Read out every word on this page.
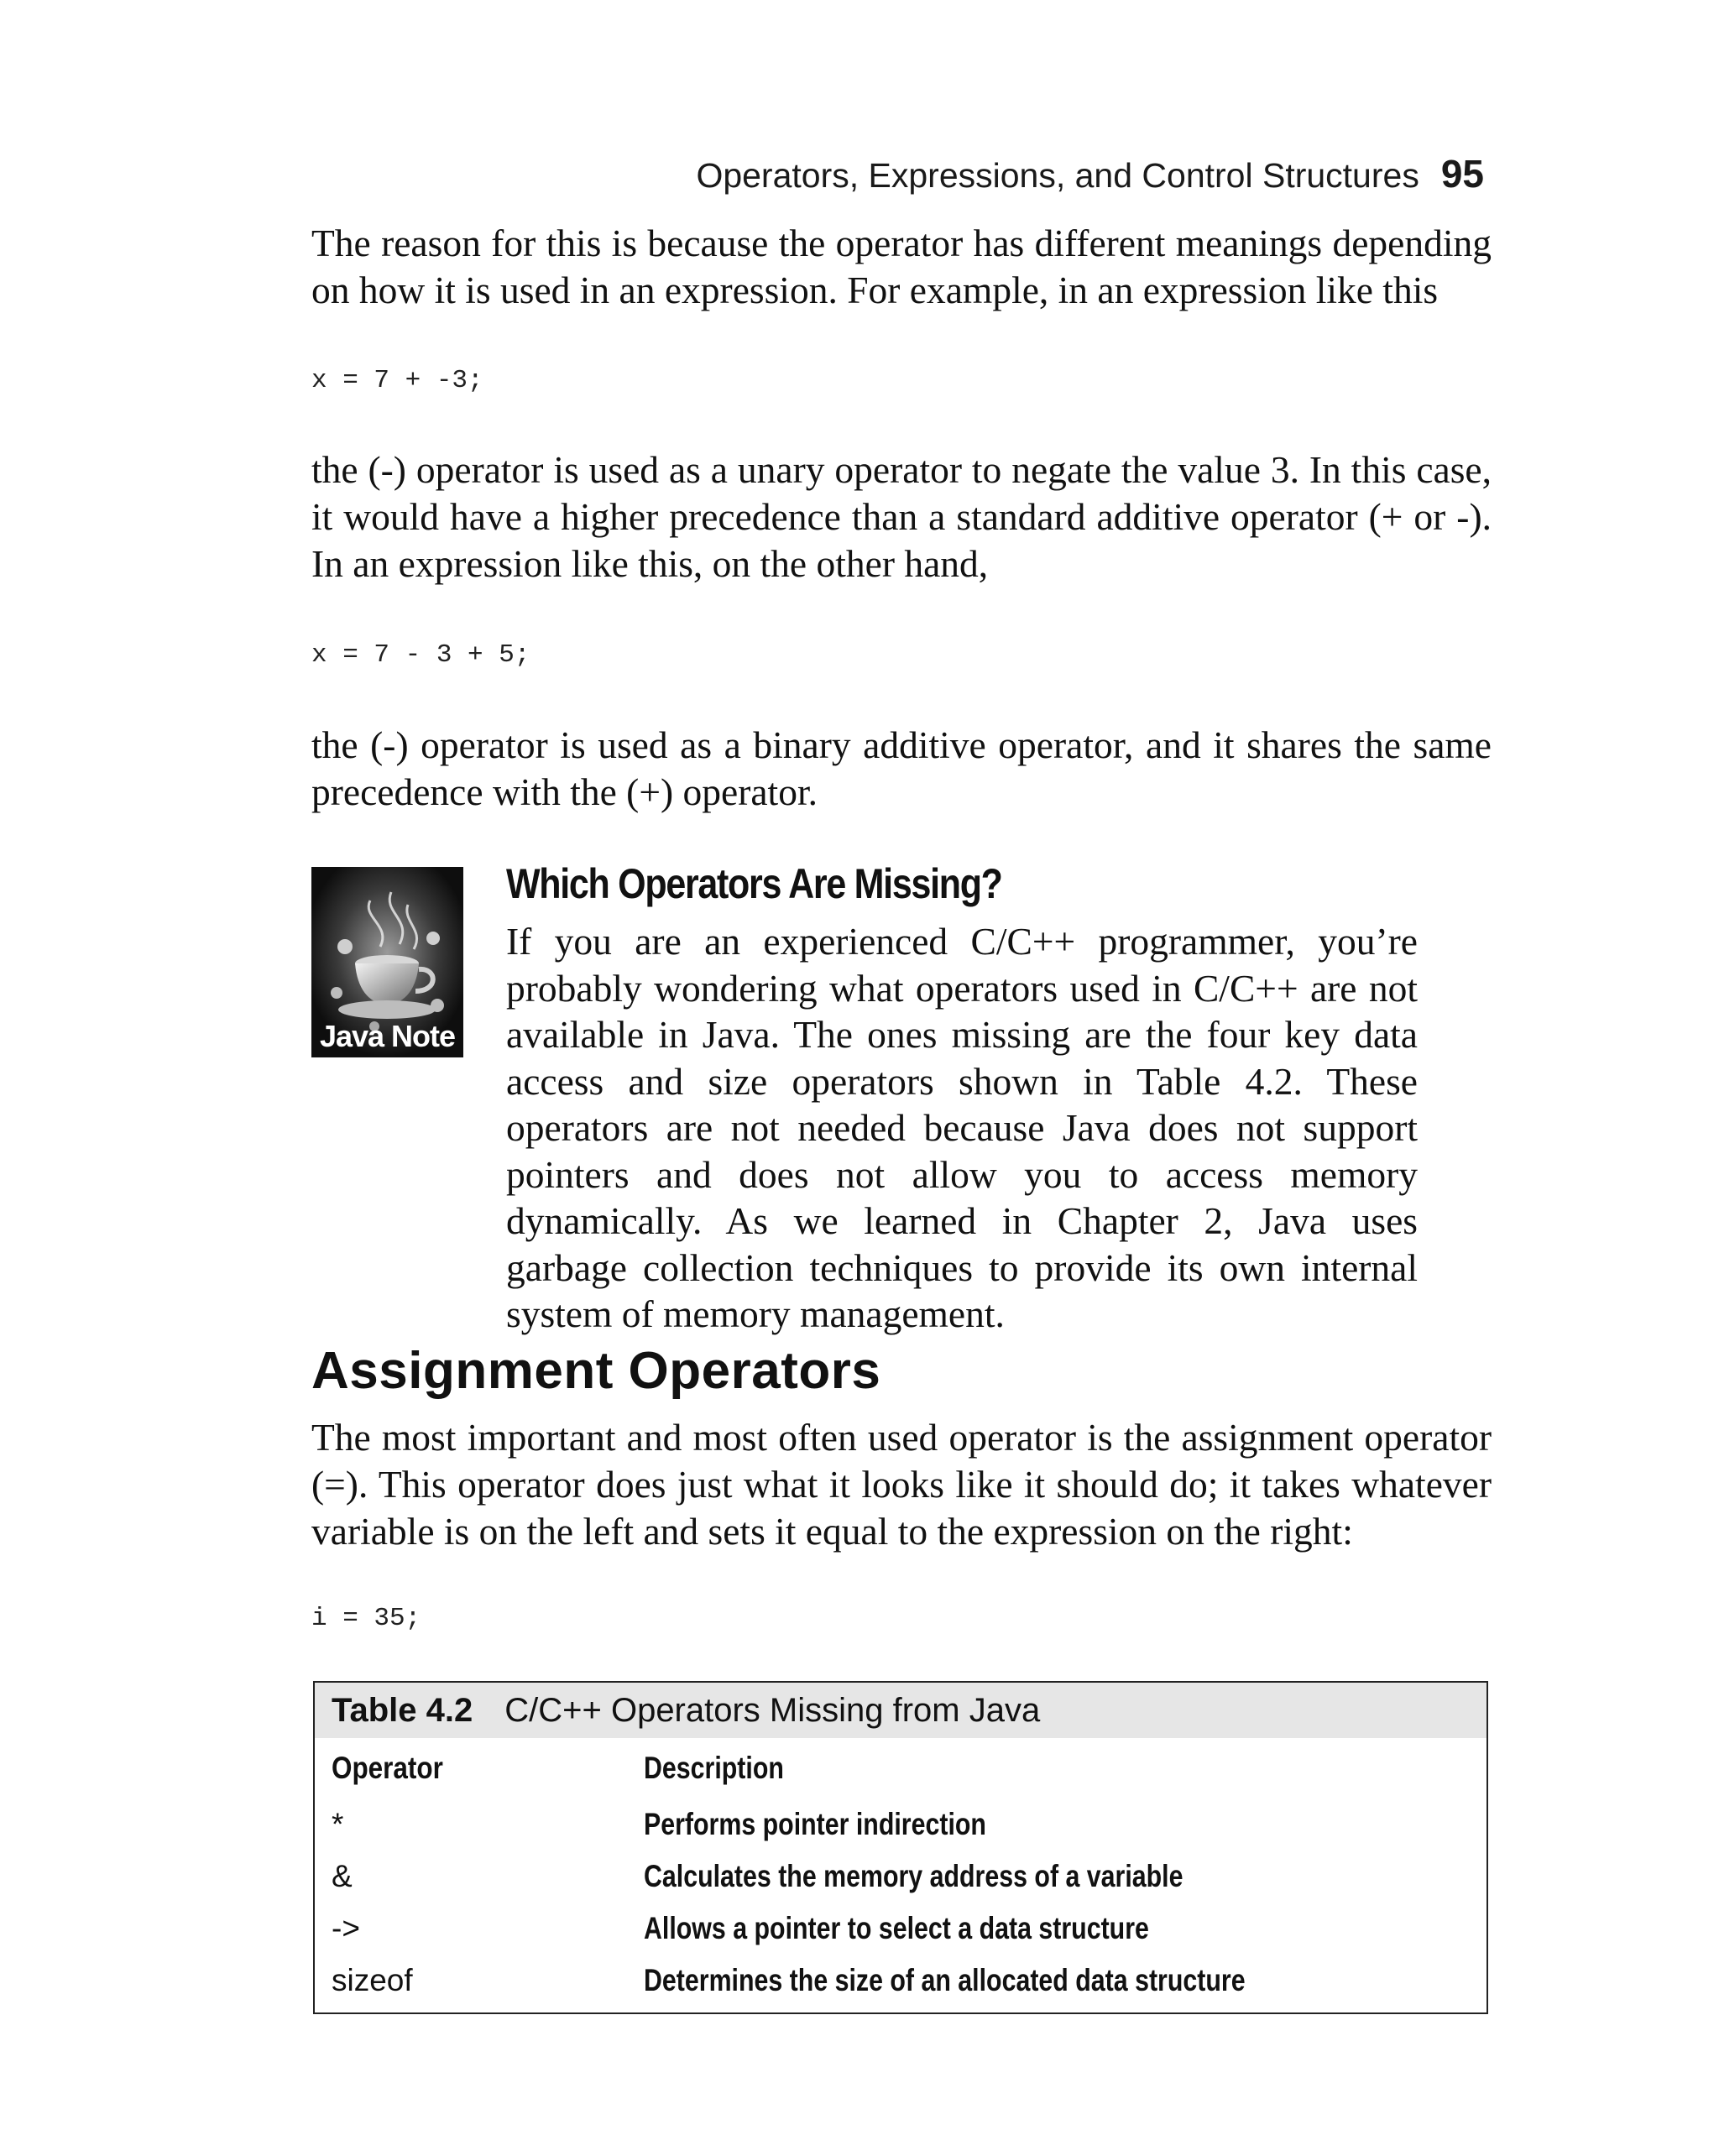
Operators, Expressions, and Control Structures 95

The reason for this is because the operator has different meanings depending on how it is used in an expression. For example, in an expression like this

x = 7 + -3;

the (-) operator is used as a unary operator to negate the value 3. In this case, it would have a higher precedence than a standard additive operator (+ or -). In an expression like this, on the other hand,

x = 7 - 3 + 5;

the (-) operator is used as a binary additive operator, and it shares the same precedence with the (+) operator.

Java Note
Which Operators Are Missing?

If you are an experienced C/C++ programmer, you’re probably wondering what operators used in C/C++ are not available in Java. The ones missing are the four key data access and size operators shown in Table 4.2. These operators are not needed because Java does not support pointers and does not allow you to access memory dynamically. As we learned in Chapter 2, Java uses garbage collection techniques to provide its own internal system of memory management.

Assignment Operators

The most important and most often used operator is the assignment operator (=). This operator does just what it looks like it should do; it takes whatever variable is on the left and sets it equal to the expression on the right:

i = 35;
Table 4.2 C/C++ Operators Missing from Java
Operator	Description
*	Performs pointer indirection
&	Calculates the memory address of a variable
->	Allows a pointer to select a data structure
sizeof	Determines the size of an allocated data structure
